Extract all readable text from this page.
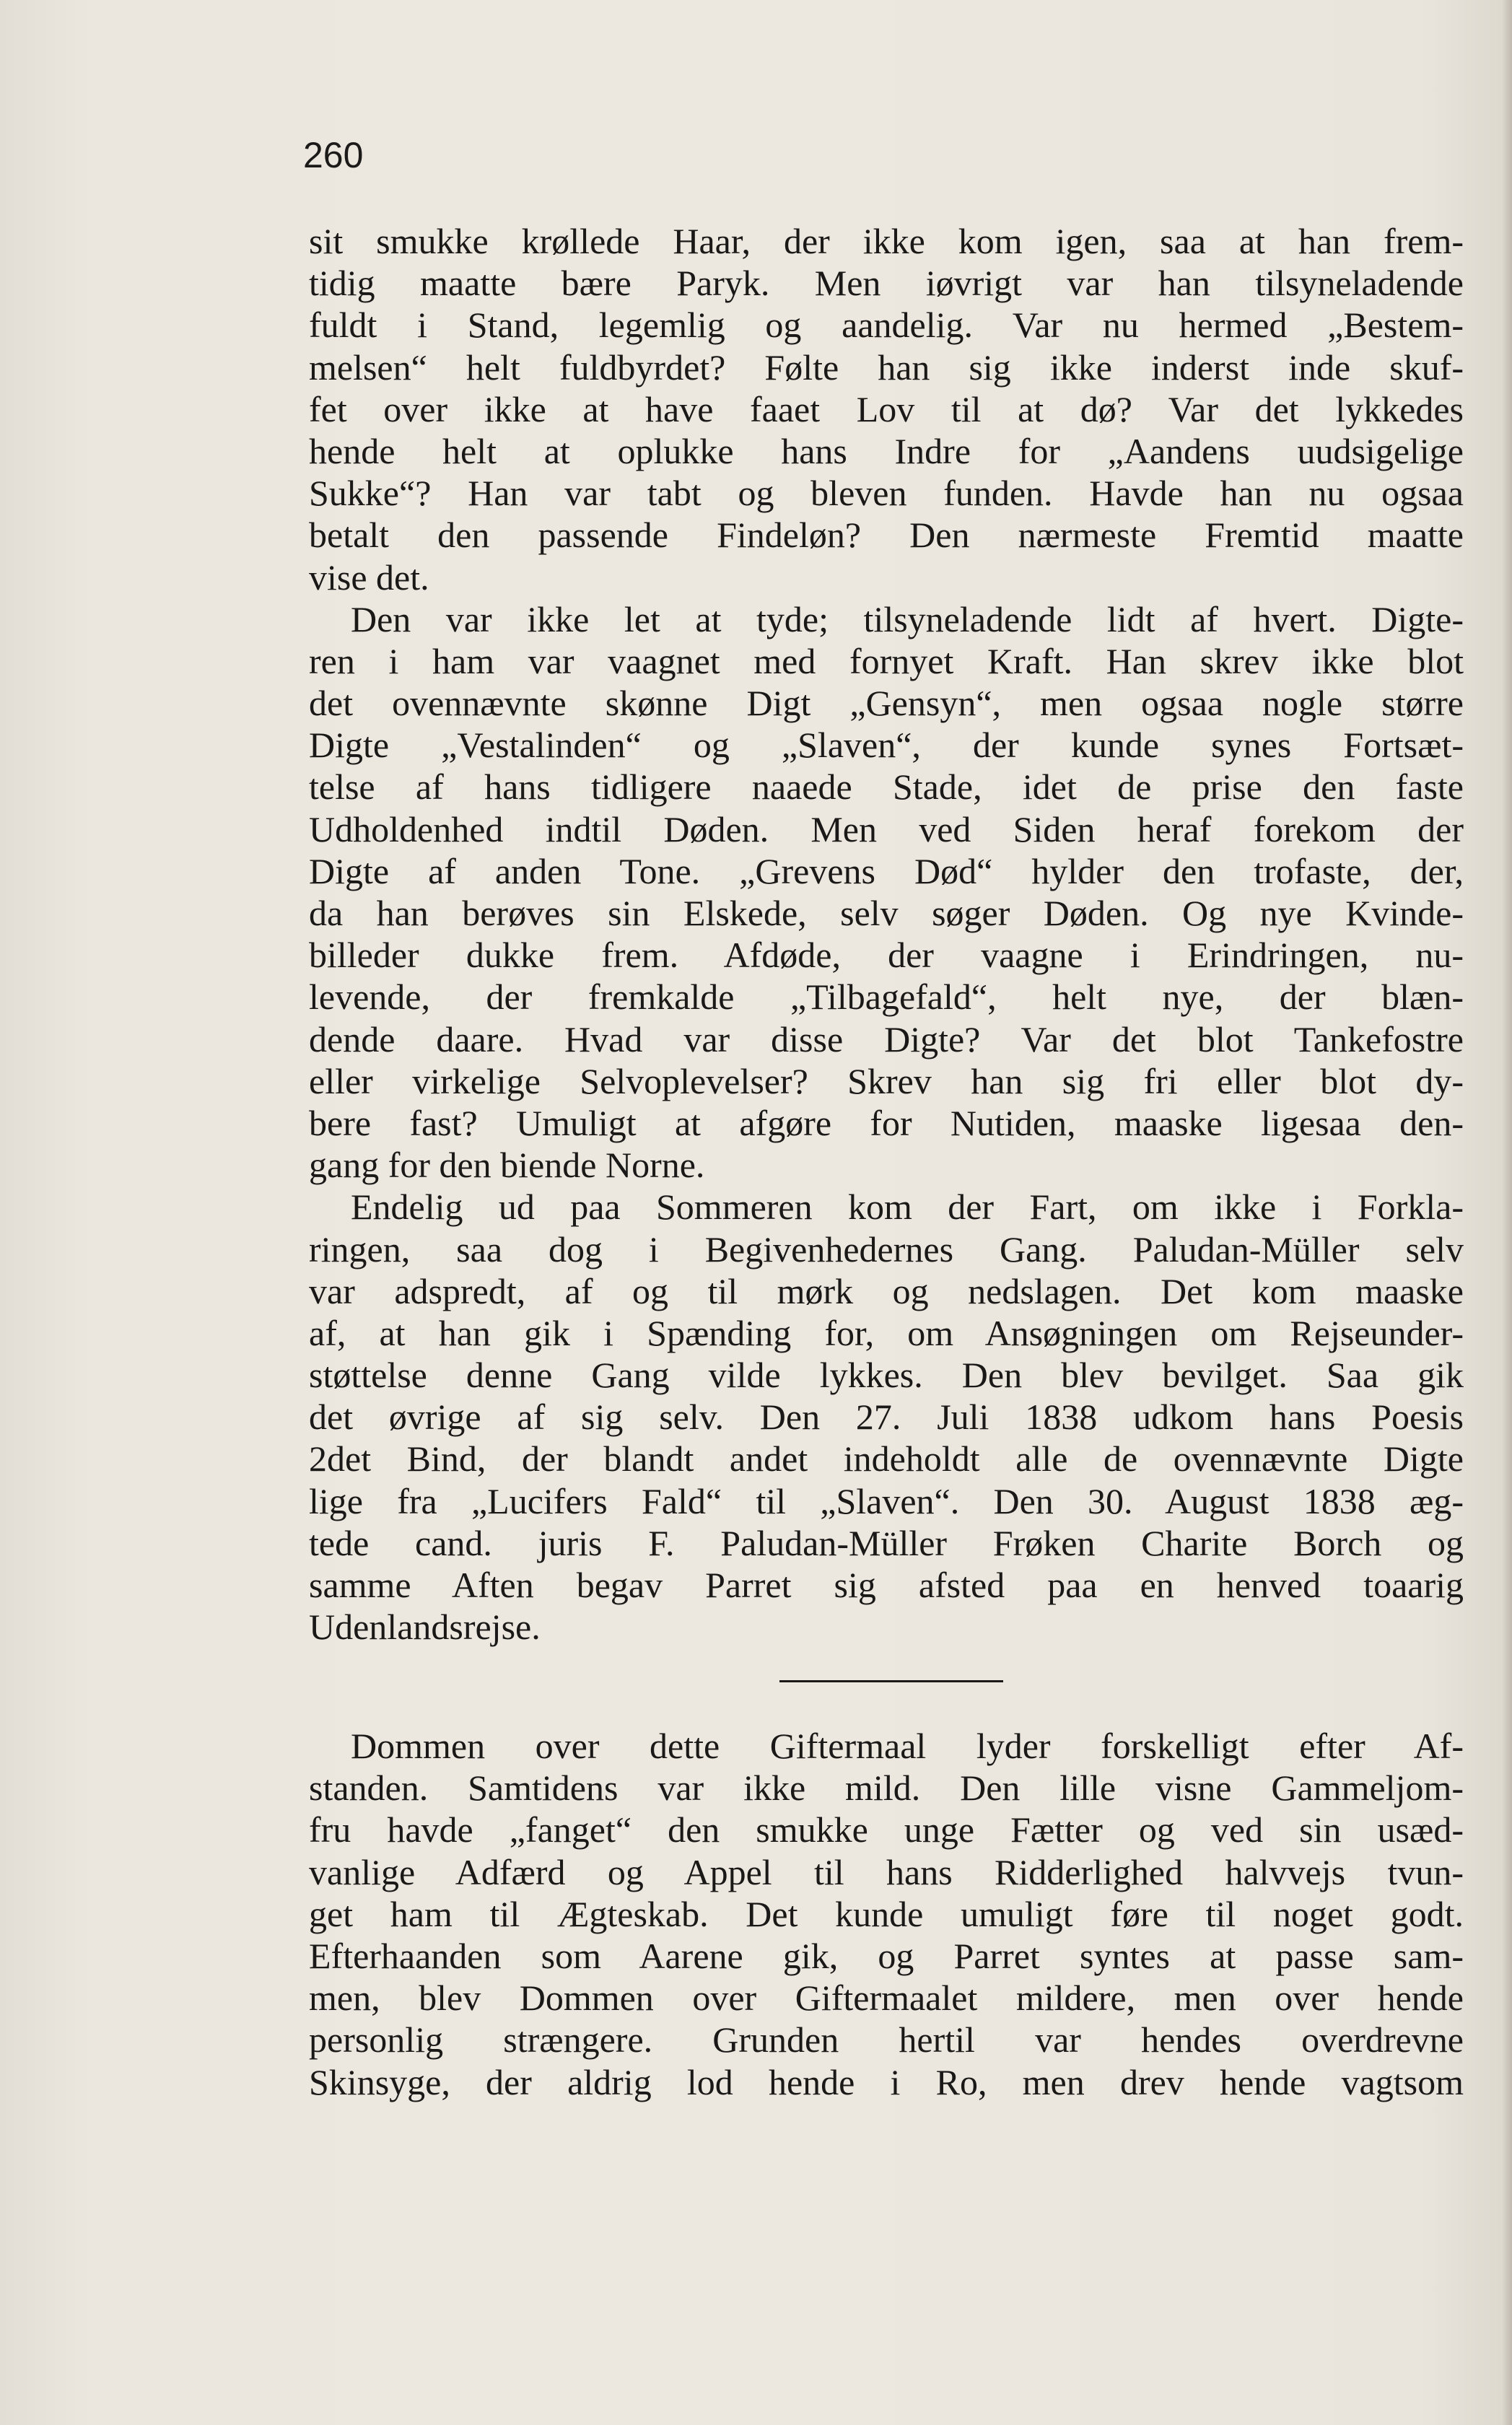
260
sit smukke krøllede Haar, der ikke kom igen, saa at han frem-
tidig maatte bære Paryk. Men iøvrigt var han tilsyneladende
fuldt i Stand, legemlig og aandelig. Var nu hermed „Bestem-
melsen“ helt fuldbyrdet? Følte han sig ikke inderst inde skuf-
fet over ikke at have faaet Lov til at dø? Var det lykkedes
hende helt at oplukke hans Indre for „Aandens uudsigelige
Sukke“? Han var tabt og bleven funden. Havde han nu ogsaa
betalt den passende Findeløn? Den nærmeste Fremtid maatte
vise det.
Den var ikke let at tyde; tilsyneladende lidt af hvert. Digte-
ren i ham var vaagnet med fornyet Kraft. Han skrev ikke blot
det ovennævnte skønne Digt „Gensyn“, men ogsaa nogle større
Digte „Vestalinden“ og „Slaven“, der kunde synes Fortsæt-
telse af hans tidligere naaede Stade, idet de prise den faste
Udholdenhed indtil Døden. Men ved Siden heraf forekom der
Digte af anden Tone. „Grevens Død“ hylder den trofaste, der,
da han berøves sin Elskede, selv søger Døden. Og nye Kvinde-
billeder dukke frem. Afdøde, der vaagne i Erindringen, nu-
levende, der fremkalde „Tilbagefald“, helt nye, der blæn-
dende daare. Hvad var disse Digte? Var det blot Tankefostre
eller virkelige Selvoplevelser? Skrev han sig fri eller blot dy-
bere fast? Umuligt at afgøre for Nutiden, maaske ligesaa den-
gang for den biende Norne.
Endelig ud paa Sommeren kom der Fart, om ikke i Forkla-
ringen, saa dog i Begivenhedernes Gang. Paludan-Müller selv
var adspredt, af og til mørk og nedslagen. Det kom maaske
af, at han gik i Spænding for, om Ansøgningen om Rejseunder-
støttelse denne Gang vilde lykkes. Den blev bevilget. Saa gik
det øvrige af sig selv. Den 27. Juli 1838 udkom hans Poesis
2det Bind, der blandt andet indeholdt alle de ovennævnte Digte
lige fra „Lucifers Fald“ til „Slaven“. Den 30. August 1838 æg-
tede cand. juris F. Paludan-Müller Frøken Charite Borch og
samme Aften begav Parret sig afsted paa en henved toaarig
Udenlandsrejse.
Dommen over dette Giftermaal lyder forskelligt efter Af-
standen. Samtidens var ikke mild. Den lille visne Gammeljom-
fru havde „fanget“ den smukke unge Fætter og ved sin usæd-
vanlige Adfærd og Appel til hans Ridderlighed halvvejs tvun-
get ham til Ægteskab. Det kunde umuligt føre til noget godt.
Efterhaanden som Aarene gik, og Parret syntes at passe sam-
men, blev Dommen over Giftermaalet mildere, men over hende
personlig strængere. Grunden hertil var hendes overdrevne
Skinsyge, der aldrig lod hende i Ro, men drev hende vagtsom
